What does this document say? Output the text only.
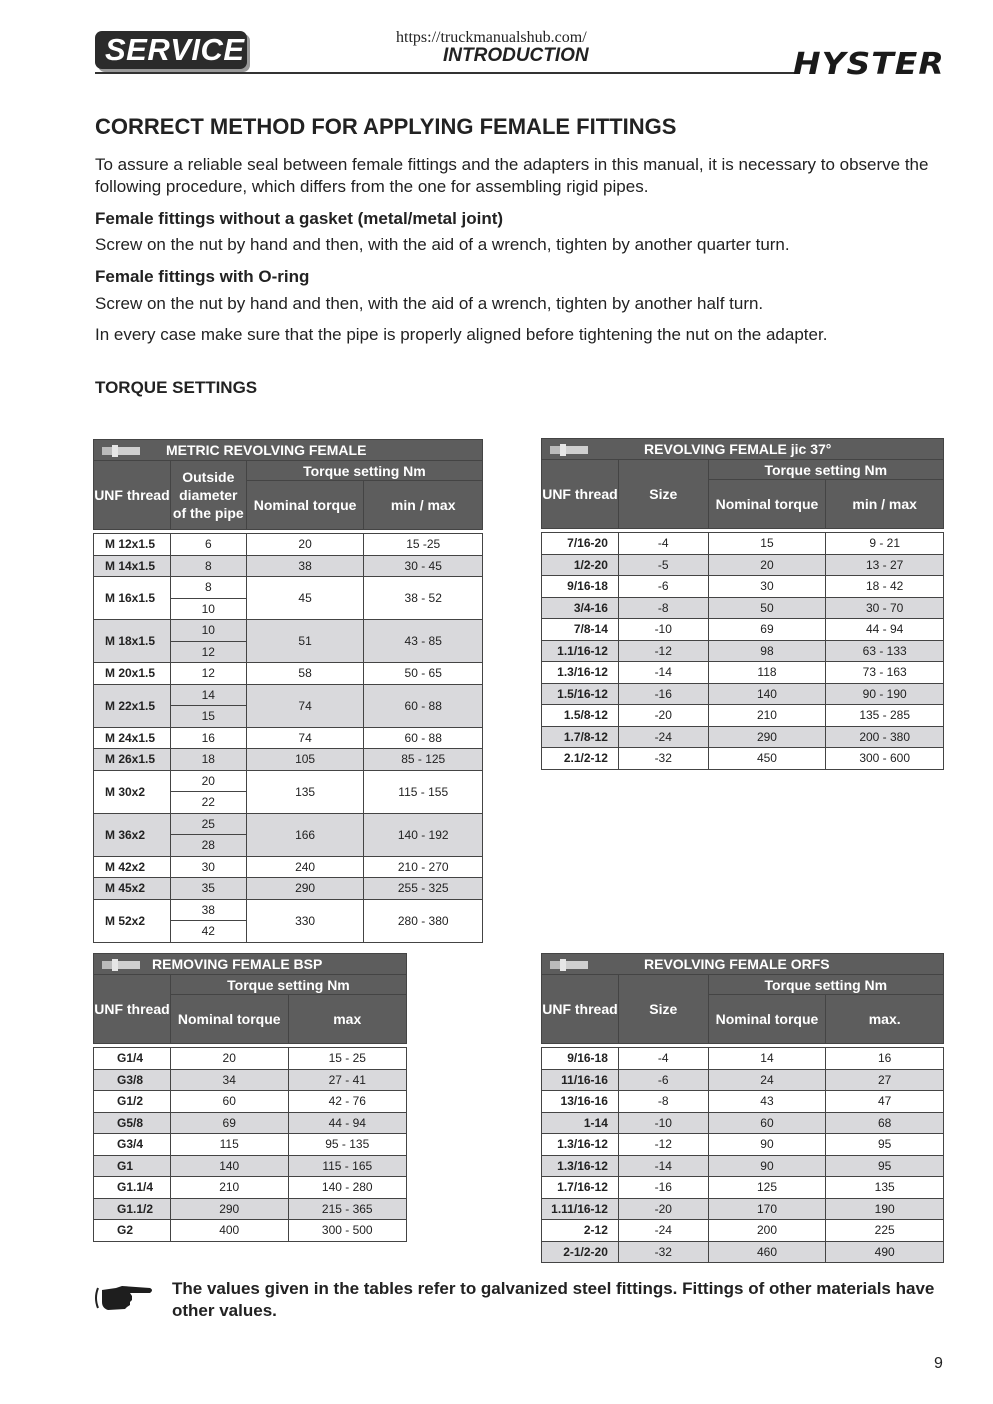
SERVICE	https://truckmanualshub.com/
INTRODUCTION	HYSTER
CORRECT METHOD FOR APPLYING FEMALE FITTINGS
To assure a reliable seal between female fittings and the adapters in this manual, it is necessary to observe the following procedure, which differs from the one for assembling rigid pipes.
Female fittings without a gasket (metal/metal joint)
Screw on the nut by hand and then, with the aid of a wrench, tighten by another quarter turn.
Female fittings with O-ring
Screw on the nut by hand and then, with the aid of a wrench, tighten by another half turn.
In every case make sure that the pipe is properly aligned before tightening the nut on the adapter.
TORQUE SETTINGS
METRIC REVOLVING FEMALE			
UNF thread	Outside diameter of the pipe	Torque setting Nm	
		Nominal torque	min / max

M 12x1.5	6	20	15 -25
M 14x1.5	8	38	30 - 45
M 16x1.5	8	45	38 - 52
	10		
M 18x1.5	10	51	43 - 85
	12		
M 20x1.5	12	58	50 - 65
M 22x1.5	14	74	60 - 88
	15		
M 24x1.5	16	74	60 - 88
M 26x1.5	18	105	85 - 125
M 30x2	20	135	115 - 155
	22		
M 36x2	25	166	140 - 192
	28		
M 42x2	30	240	210 - 270
M 45x2	35	290	255 - 325
M 52x2	38	330	280 - 380
	42		
REVOLVING FEMALE jic 37°			
UNF thread	Size	Torque setting Nm	
		Nominal torque	min / max

7/16-20	-4	15	9 - 21
1/2-20	-5	20	13 - 27
9/16-18	-6	30	18 - 42
3/4-16	-8	50	30 - 70
7/8-14	-10	69	44 - 94
1.1/16-12	-12	98	63 - 133
1.3/16-12	-14	118	73 - 163
1.5/16-12	-16	140	90 - 190
1.5/8-12	-20	210	135 - 285
1.7/8-12	-24	290	200 - 380
2.1/2-12	-32	450	300 - 600
REMOVING FEMALE BSP		
UNF thread	Torque setting Nm	
	Nominal torque	max

G1/4	20	15 - 25
G3/8	34	27 - 41
G1/2	60	42 - 76
G5/8	69	44 - 94
G3/4	115	95 - 135
G1	140	115 - 165
G1.1/4	210	140 - 280
G1.1/2	290	215 - 365
G2	400	300 - 500
REVOLVING FEMALE ORFS			
UNF thread	Size	Torque setting Nm	
		Nominal torque	max.

9/16-18	-4	14	16
11/16-16	-6	24	27
13/16-16	-8	43	47
1-14	-10	60	68
1.3/16-12	-12	90	95
1.3/16-12	-14	90	95
1.7/16-12	-16	125	135
1.11/16-12	-20	170	190
2-12	-24	200	225
2-1/2-20	-32	460	490
The values given in the tables refer to galvanized steel fittings. Fittings of other materials have other values.
9
